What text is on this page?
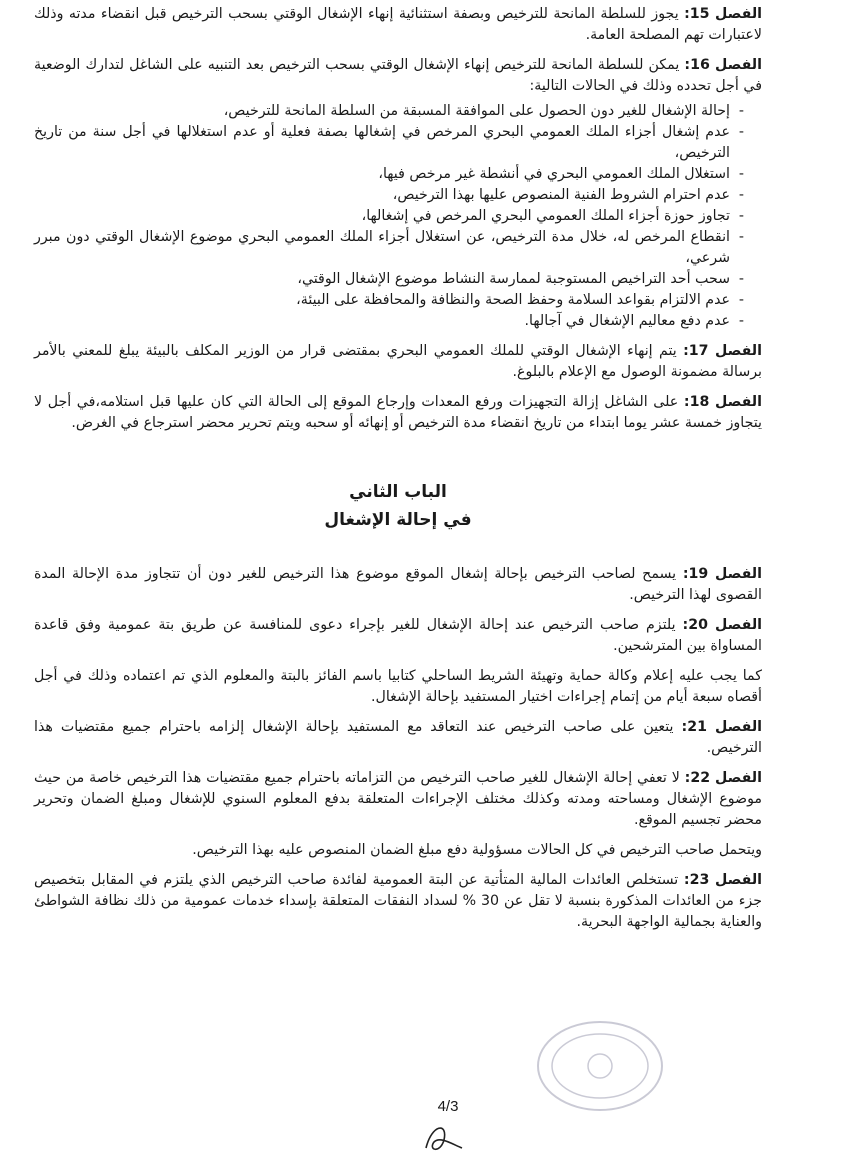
الفصل 15: يجوز للسلطة المانحة للترخيص وبصفة استثنائية إنهاء الإشغال الوقتي بسحب الترخيص قبل انقضاء مدته وذلك لاعتبارات تهم المصلحة العامة.

الفصل 16: يمكن للسلطة المانحة للترخيص إنهاء الإشغال الوقتي بسحب الترخيص بعد التنبيه على الشاغل لتدارك الوضعية في أجل تحدده وذلك في الحالات التالية:

- إحالة الإشغال للغير دون الحصول على الموافقة المسبقة من السلطة المانحة للترخيص،
- عدم إشغال أجزاء الملك العمومي البحري المرخص في إشغالها بصفة فعلية أو عدم استغلالها في أجل سنة من تاريخ الترخيص،
- استغلال الملك العمومي البحري في أنشطة غير مرخص فيها،
- عدم احترام الشروط الفنية المنصوص عليها بهذا الترخيص،
- تجاوز حوزة أجزاء الملك العمومي البحري المرخص في إشغالها،
- انقطاع المرخص له، خلال مدة الترخيص، عن استغلال أجزاء الملك العمومي البحري موضوع الإشغال الوقتي دون مبرر شرعي،
- سحب أحد التراخيص المستوجبة لممارسة النشاط موضوع الإشغال الوقتي،
- عدم الالتزام بقواعد السلامة وحفظ الصحة والنظافة والمحافظة على البيئة،
- عدم دفع معاليم الإشغال في آجالها.

الفصل 17: يتم إنهاء الإشغال الوقتي للملك العمومي البحري بمقتضى قرار من الوزير المكلف بالبيئة يبلغ للمعني بالأمر برسالة مضمونة الوصول مع الإعلام بالبلوغ.

الفصل 18: على الشاغل إزالة التجهيزات ورفع المعدات وإرجاع الموقع إلى الحالة التي كان عليها قبل استلامه،في أجل لا يتجاوز خمسة عشر يوما ابتداء من تاريخ انقضاء مدة الترخيص أو إنهائه أو سحبه ويتم تحرير محضر استرجاع في الغرض.

الباب الثاني
في إحالة الإشغال

الفصل 19: يسمح لصاحب الترخيص بإحالة إشغال الموقع موضوع هذا الترخيص للغير دون أن تتجاوز مدة الإحالة المدة القصوى لهذا الترخيص.

الفصل 20: يلتزم صاحب الترخيص عند إحالة الإشغال للغير بإجراء دعوى للمنافسة عن طريق بتة عمومية وفق قاعدة المساواة بين المترشحين.

كما يجب عليه إعلام وكالة حماية وتهيئة الشريط الساحلي كتابيا باسم الفائز بالبتة والمعلوم الذي تم اعتماده وذلك في أجل أقصاه سبعة أيام من إتمام إجراءات اختيار المستفيد بإحالة الإشغال.

الفصل 21: يتعين على صاحب الترخيص عند التعاقد مع المستفيد بإحالة الإشغال إلزامه باحترام جميع مقتضيات هذا الترخيص.

الفصل 22: لا تعفي إحالة الإشغال للغير صاحب الترخيص من التزاماته باحترام جميع مقتضيات هذا الترخيص خاصة من حيث موضوع الإشغال ومساحته ومدته وكذلك مختلف الإجراءات المتعلقة بدفع المعلوم السنوي للإشغال ومبلغ الضمان وتحرير محضر تجسيم الموقع.

ويتحمل صاحب الترخيص في كل الحالات مسؤولية دفع مبلغ الضمان المنصوص عليه بهذا الترخيص.

الفصل 23: تستخلص العائدات المالية المتأتية عن البتة العمومية لفائدة صاحب الترخيص الذي يلتزم في المقابل بتخصيص جزء من العائدات المذكورة بنسبة لا تقل عن 30 % لسداد النفقات المتعلقة بإسداء خدمات عمومية من ذلك نظافة الشواطئ والعناية بجمالية الواجهة البحرية.

4/3
